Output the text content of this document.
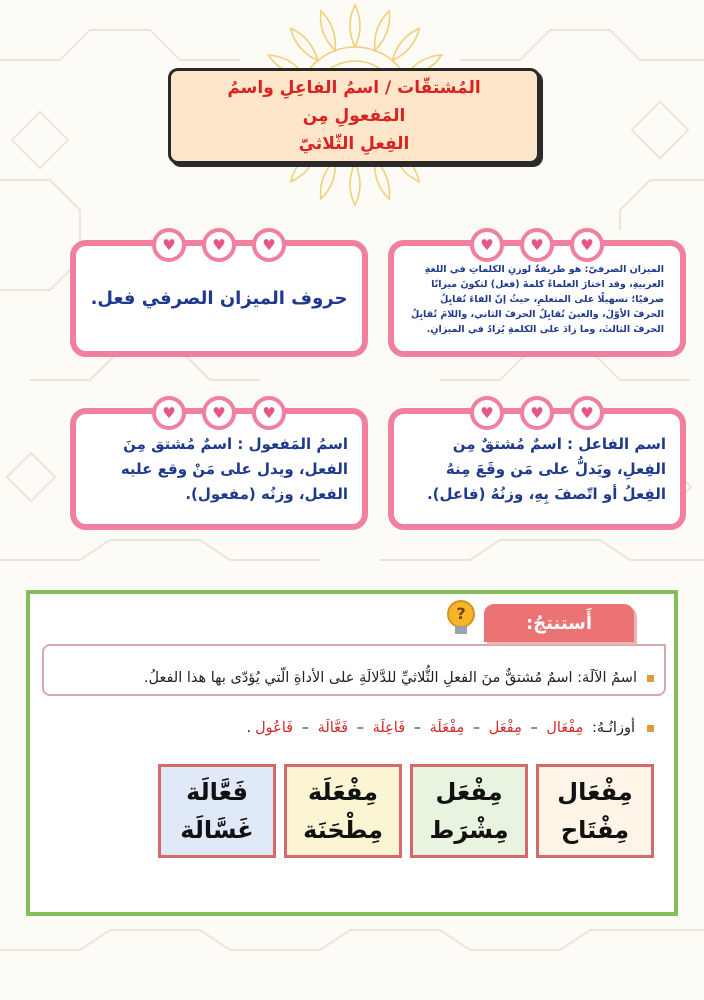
المُشتقّات / اسمُ الفاعِلِ واسمُ المَفعولِ مِن
الفِعلِ الثّلاثيّ
♥
♥
♥
الميزان الصرفيّ: هو طريقةٌ لوزنِ الكلماتِ في اللغةِ العربيةِ، وقد اختارَ العلماءُ كلمةَ (فعل) لتكونَ ميزانًا صرفيًا؛ تسهيلًا على المتعلمِ، حيثُ إنّ الفاءَ تُقابِلُ الحرفَ الأوّلَ، والعينَ تُقابِلُ الحرفَ الثاني، واللامَ تُقابِلُ الحرفَ الثالثَ، وما زادَ على الكلمةِ يُزادُ في الميزانِ.
♥
♥
♥
حروف الميزان الصرفي فعل.
♥
♥
♥
اسم الفاعل : اسمٌ مُشتقٌ مِن الفِعلِ، ويَدلُّ على مَن وقَعَ مِنهُ الفِعلُ أو اتّصفَ بِهِ، وزنُهُ (فاعل).
♥
♥
♥
اسمُ المَفعول : اسمٌ مُشتق مِنَ الفعل، ويدل على مَنْ وقع عليه الفعل، وزنُه (مفعول).
أَستنتجُ:
?
اسمُ الآلَة: اسمٌ مُشتقٌّ منَ الفعلِ الثُّلاثيِّ للدَّلالَةِ على الأداةِ الّتي يُؤدّى بها هذا الفعلُ.
أوزانُـهُ: مِفْعَال – مِفْعَل – مِفْعَلَة – فَاعِلَة – فَعَّالَة – فَاعُول.
مِفْعَال
مِفْتَاح
مِفْعَل
مِشْرَط
مِفْعَلَة
مِطْحَنَة
فَعَّالَة
غَسَّالَة
